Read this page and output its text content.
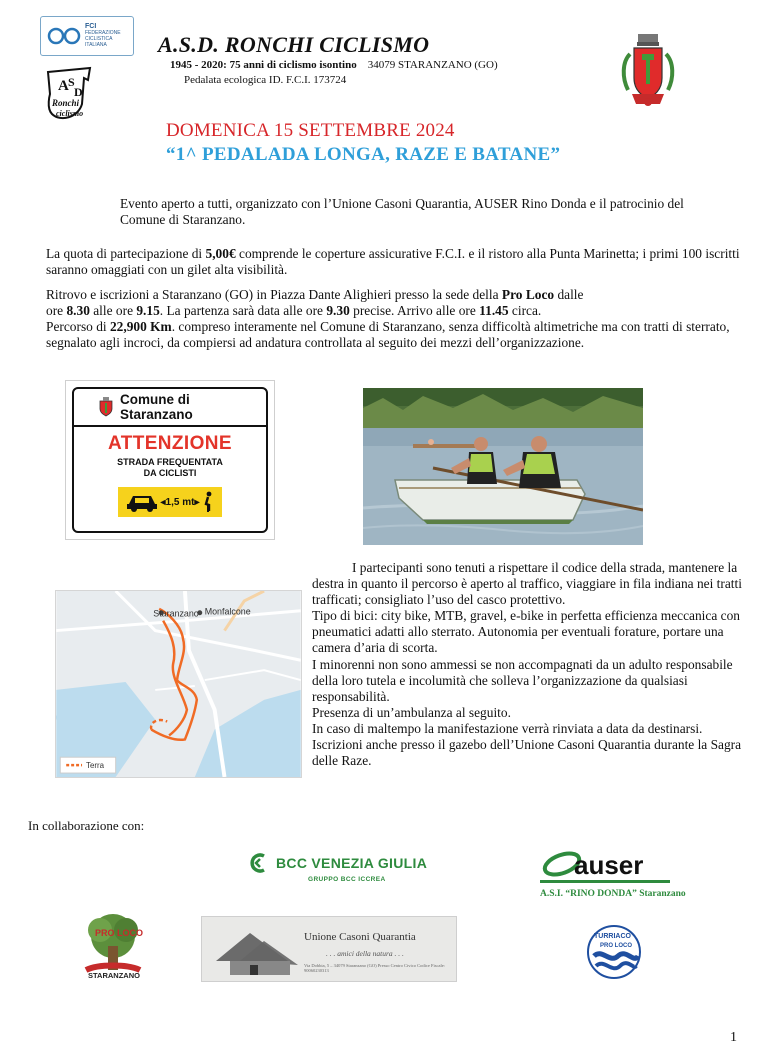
FCI
FEDERAZIONE
CICLISTICA
ITALIANA
A S
D
Ronchi
ciclismo
A.S.D. RONCHI CICLISMO
1945 - 2020: 75 anni di ciclismo isontino 34079 STARANZANO (GO)
Pedalata ecologica ID. F.C.I. 173724
DOMENICA 15 SETTEMBRE 2024
“1^ PEDALADA LONGA, RAZE E BATANE”
Evento aperto a tutti, organizzato con l’Unione Casoni Quarantia, AUSER Rino Donda e il patrocinio del Comune di Staranzano.
La quota di partecipazione di 5,00€ comprende le coperture assicurative F.C.I. e il ristoro alla Punta Marinetta; i primi 100 iscritti saranno omaggiati con un gilet alta visibilità.
Ritrovo e iscrizioni a Staranzano (GO) in Piazza Dante Alighieri presso la sede della Pro Loco dalle
ore 8.30 alle ore 9.15. La partenza sarà data alle ore 9.30 precise. Arrivo alle ore 11.45 circa.
Percorso di 22,900 Km. compreso interamente nel Comune di Staranzano, senza difficoltà altimetriche ma con tratti di sterrato, segnalato agli incroci, da compiersi ad andatura controllata al seguito dei mezzi dell’organizzazione.
Comune di Staranzano
ATTENZIONE
STRADA FREQUENTATA
DA CICLISTI
◂1,5 mt▸
Staranzano Monfalcone
Terra
I partecipanti sono tenuti a rispettare il codice della strada, mantenere la destra in quanto il percorso è aperto al traffico, viaggiare in fila indiana nei tratti trafficati; consigliato l’uso del casco protettivo.
Tipo di bici: city bike, MTB, gravel, e-bike in perfetta efficienza meccanica con pneumatici adatti allo sterrato. Autonomia per eventuali forature, portare una camera d’aria di scorta.
I minorenni non sono ammessi se non accompagnati da un adulto responsabile della loro tutela e incolumità che solleva l’organizzazione da qualsiasi responsabilità.
Presenza di un’ambulanza al seguito.
In caso di maltempo la manifestazione verrà rinviata a data da destinarsi.
Iscrizioni anche presso il gazebo dell’Unione Casoni Quarantia durante la Sagra delle Raze.
In collaborazione con:
BCC VENEZIA GIULIA
GRUPPO BCC ICCREA	auser
A.S.I. “RINO DONDA” Staranzano
PRO LOCO
STARANZANO
Unione Casoni Quarantia
. . . amici della natura . . .
Via Dobbia, 5 – 34079 Staranzano (GO) Presso Centro Civico Codice Fiscale: 90060230313
TURRIACO
PRO LOCO
1
